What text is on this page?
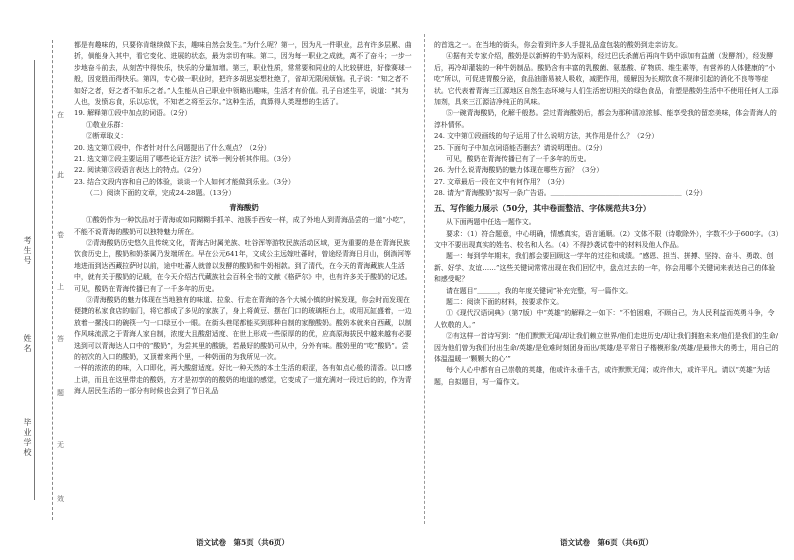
考生号
姓名
毕业学校
在
此
卷
上
答
题
无
效

都是有趣味的，只要你肯继续做下去，趣味自然会发生。”为什么呢？第一，因为凡一件职业，总有许多层累、曲折，倘能身入其中，看它变化、进展的状态，最为亲切有味。第二，因为每一职业之成就，离不了奋斗；一步一步地奋斗前去，从刻苦中得快乐，快乐的分量加增。第三，职业性质，常常要和同业的人比较骈进，好像赛球一般，因竞胜而得快乐。第四，专心做一职业时，把许多胡思妄想杜绝了，省却无限闲烦恼。孔子说：“知之者不如好之者，好之者不如乐之者。”人生能从自己职业中领略出趣味，生活才有价值。孔子自述生平，说道：“其为人也，发愤忘食，乐以忘忧，不知老之将至云尔。”这种生活，真算得人类理想的生活了。

19. 解释第①段中加点的词语。（2分）

①敬业乐群：

②断章取义：

20. 选文第①段中，作者针对什么问题提出了什么观点？（2分）

21. 选文第②段主要运用了哪些论证方法？试举一例分析其作用。（3分）

22. 阅读第③段语言表达上的特点。（2分）

23. 结合文段内容和自己的体验，谈谈一个人如何才能做到乐业。（3分）

（二）阅读下面的文章，完成24-28题。（13分）

青海酸奶

①酸奶作为一种饮品对于青海或如同糊糊手抓羊、池簇手西安一样，成了外地人到青海品尝的一道“小吃”，不能不说青海的酸奶可以独特魅力所在。

②青海酸奶历史悠久且传统文化，青海古时属羌族、吐谷浑等游牧民族活动区域，更为重要的是在青海民族饮食历史上，酸奶和奶茶属乃发端所在。早在公元641年，文成公主远嫁吐蕃时，曾途经青海日月山，倒淌河等地进而到达西藏拉萨时以前，途中吐蕃人就曾以发酵的酸奶和牛奶相款。到了清代，在今天的青海藏族人生活中，就有关于酸奶的记载，在今天介绍古代藏族社会百科全书的文献《格萨尔》中，也有许多关于酸奶的记述。可见，酸奶在青海传播已有了一千多年的历史。

③青海酸奶的魅力体现在当地独有的味道、拉象、行走在青海的各个大城小镇的时候发现，你会时而发现在便捷的私家食店的临门，将它都成了多见的家族了，身上将黄豆、摆在门口的玻璃柜台上，或用瓦缸盛着，一边放着一摞浅口的碗筷一勺一口绿豆小一眼。在街头巷尾都能买到那种自制的家酿酸奶。酸奶本就来自西藏，以制作风味流派之于青海人家自制，浓度大且酸甜适度、在世上形成一些原厚的的优，应高原海拔民中越来越有必要选到可以青海达人口中的“酸奶”，为尝其里的酸脆，若最好的酸奶可从中，分外有味。酸奶里的“吃”酸奶”。尝的初次的入口的酸奶，又顶着来两个里，一种奶面的为我所见一次。

一样的浓浓的的味，入口即化，再大酸甜适度。好比一种天然的本土生活的艰涩，各有如点心般的清香。以口感上讲，而且在这里带走的酸奶，方才是初享的的酸奶的地道的感觉，它变成了一道充满对一段过后的的，作为青海人居民生活的一部分有时候也会到了节日礼品

的首选之一。在当地的街头，你会看到许多人手提礼品盒包装的酸奶到走亲访友。

④据有关专家介绍，酸奶是以新鲜的牛奶为原料，经过巴氏杀菌后再向牛奶中添加有益菌（发酵剂），经发酵后，再冷却灌装的一种牛奶制品。酸奶含有丰富的乳酸菌、氨基酸、矿物质、维生素等，有营养的人体健康的“小吃”所以，可促进胃酸分泌，食品油脂易被人吸收，减肥作用，缓解因为长期饮食不规律引起的消化不良等等症状。它代表着青海三江源地区自然生态环境与人们生活密切相关的绿色食品，肯塑是酸奶生活中不使用任何人工添加剂，具来三江源洁净纯正的风味。

⑤一碗青海酸奶，化解千般愁。尝过青海酸奶后，都会为那种清凉浓郁、能享受我的留恋美味，体会青海人的淳朴情怀。

24. 文中第①段画线的句子运用了什么说明方法，其作用是什么？（2分）

25. 下面句子中加点词语能否删去？请说明理由。（2分）

可见，酸奶在青海传播已有了一千多年的历史。

26. 为什么说青海酸奶的魅力体现在哪些方面？（3分）

27. 文章最后一段在文中有何作用？（3分）

28. 请为“青海酸奶”拟写一条广告语。＿＿＿＿＿＿＿＿＿＿＿＿＿＿＿＿＿＿＿（2分）

五、写作能力展示（50分，其中卷面整洁、字体规范共3分）

从下面两题中任选一题作文。

要求：（1）符合题意，中心明确，情感真实，语言通顺。（2）文体不限（诗歌除外），字数不少于600字。（3）文中不要出现真实的姓名、校名和人名。（4）不得抄袭试卷中的材料及他人作品。

题一：每到学年期末，我们都会要回顾这一学年的过往和成绩。“感恩、担当、拼搏、坚持、奋斗、勇敢、创新、好学、友谊……”这些关键词常常出现在我们回忆中，盘点过去的一年，你会用哪个关键词来表达自己的体验和感受呢？

请在题目“＿＿＿，我的年度关键词”补充完整，写一篇作文。

题二：阅读下面的材料，按要求作文。

①《现代汉语词典》（第7版）中“英雄”的解释之一如下：“不怕困难，不顾自己，为人民利益而英勇斗争，令人钦敬的人。”

②有这样一首诗写到：“他们默默无闻/却让我们赖立世界/他们走进历史/却让我们拥抱未来/他们是我们的生命/因为他们曾为我们付出生命/英雄/是危难时刻团身而出/英雄/是平常日子楷模形象/英雄/是最伟大的勇士，用自己的体温温暖一‘颗颗大的心’”

每个人心中都有自己崇敬的英雄，他或许永垂千古，或许默默无闻；或许伟大，或许平凡。请以“英雄”为话题，自拟题目，写一篇作文。

语文试卷　第5页（共6页）	语文试卷　第6页（共6页）
